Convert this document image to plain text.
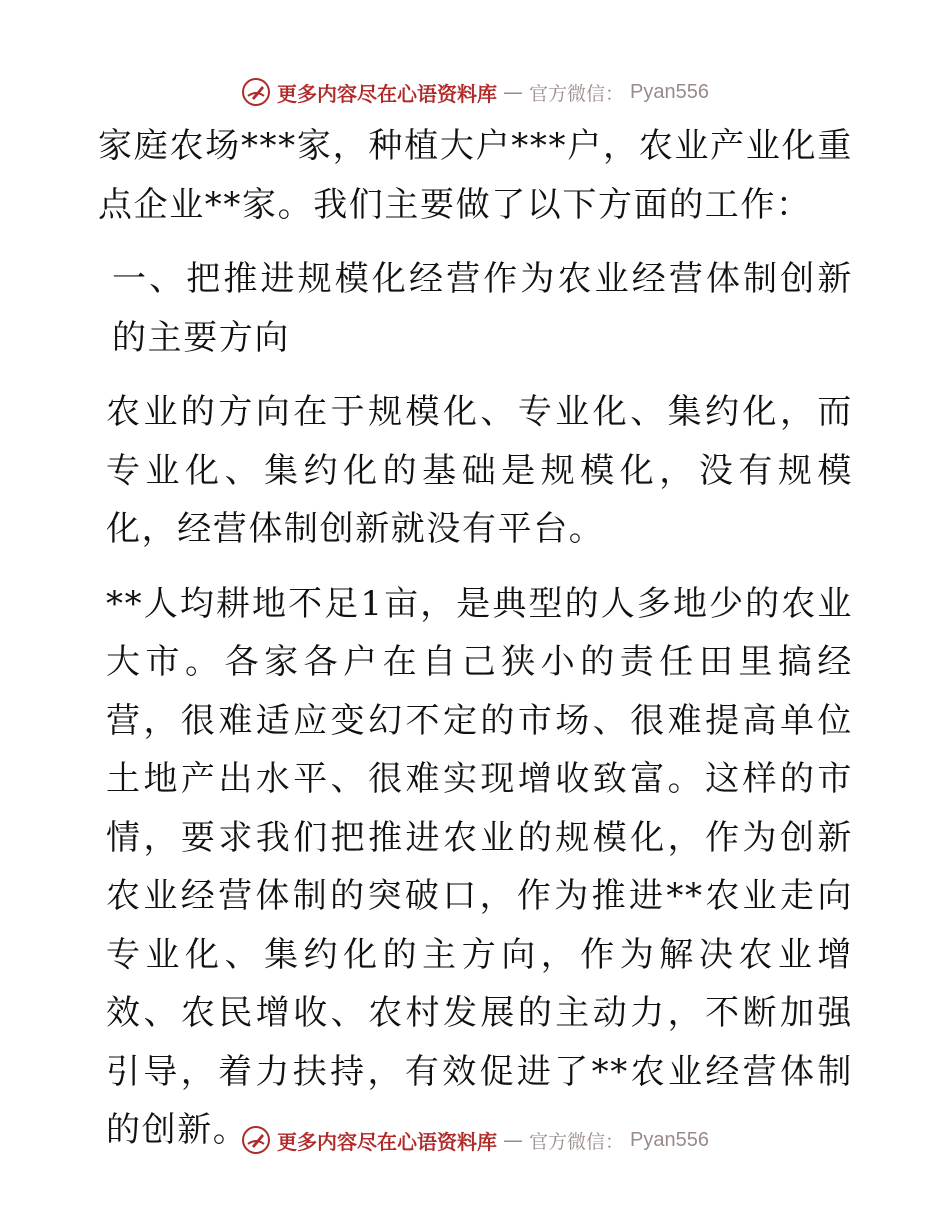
更多内容尽在心语资料库 — 官方微信： Pyan556

家庭农场***家，种植大户***户，农业产业化重点企业**家。我们主要做了以下方面的工作：

一、把推进规模化经营作为农业经营体制创新的主要方向

农业的方向在于规模化、专业化、集约化，而专业化、集约化的基础是规模化，没有规模化，经营体制创新就没有平台。

**人均耕地不足1亩，是典型的人多地少的农业大市。各家各户在自己狭小的责任田里搞经营，很难适应变幻不定的市场、很难提高单位土地产出水平、很难实现增收致富。这样的市情，要求我们把推进农业的规模化，作为创新农业经营体制的突破口，作为推进**农业走向专业化、集约化的主方向，作为解决农业增效、农民增收、农村发展的主动力，不断加强引导，着力扶持，有效促进了**农业经营体制的创新。	更多内容尽在心语资料库 — 官方微信： Pyan556
